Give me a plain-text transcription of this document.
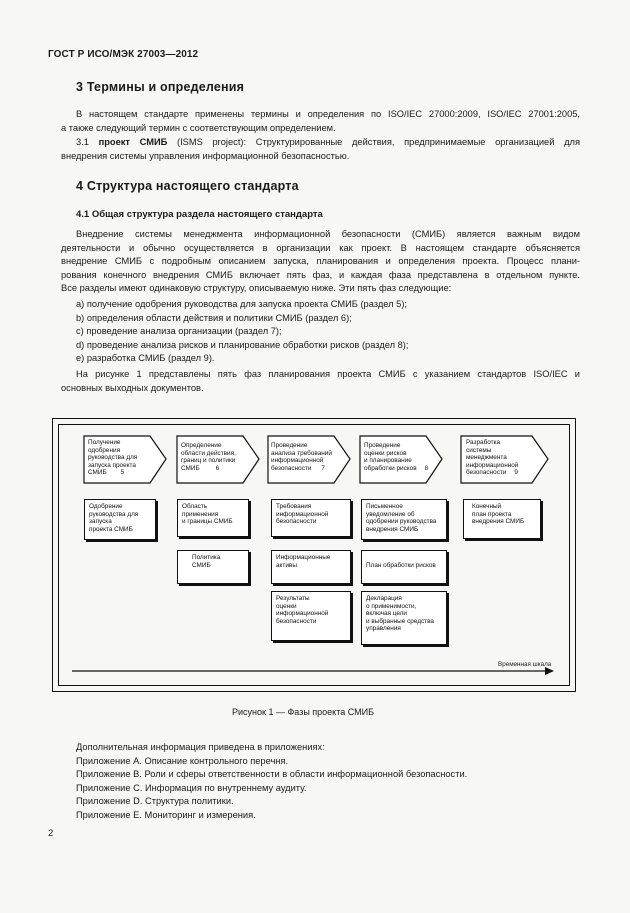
ГОСТ Р ИСО/МЭК 27003—2012
3 Термины и определения
В настоящем стандарте применены термины и определения по ISO/IEC 27000:2009, ISO/IEC 27001:2005,
а также следующий термин с соответствующим определением.
3.1 проект СМИБ (ISMS project): Структурированные действия, предпринимаемые организацией для
внедрения системы управления информационной безопасностью.
4 Структура настоящего стандарта
4.1 Общая структура раздела настоящего стандарта
Внедрение системы менеджмента информационной безопасности (СМИБ) является важным видом
деятельности и обычно осуществляется в организации как проект. В настоящем стандарте объясняется
внедрение СМИБ с подробным описанием запуска, планирования и определения проекта. Процесс плани-
рования конечного внедрения СМИБ включает пять фаз, и каждая фаза представлена в отдельном пункте.
Все разделы имеют одинаковую структуру, описываемую ниже. Эти пять фаз следующие:
a) получение одобрения руководства для запуска проекта СМИБ (раздел 5);
b) определения области действия и политики СМИБ (раздел 6);
c) проведение анализа организации (раздел 7);
d) проведение анализа рисков и планирование обработки рисков (раздел 8);
e) разработка СМИБ (раздел 9).
На рисунке 1 представлены пять фаз планирования проекта СМИБ с указанием стандартов ISO/IEC и
основных выходных документов.
Получение
одобрения
руководства для
запуска проекта
СМИБ 5
Определение
области действия,
границ и политики
СМИБ	6
Проведение
анализа требований
информационной
безопасности 7
Проведение
оценки рисков
и планирование
обработки рисков 8
Разработка
системы
менеджмента
информационной
безопасности 9
Одобрение
руководства для
запуска
проекта СМИБ
Область
применения
и границы СМИБ
Политика
СМИБ
Требования
информационной
безопасности
Информационные
активы
Результаты
оценки
информационной
безопасности
Письменное
уведомление об
одобрении руководства
внедрения СМИБ
План обработки рисков
Декларация
о применимости,
включая цели
и выбранные средства
управления
Конечный
план проекта
внедрения СМИБ
Временная шкала
Рисунок 1 — Фазы проекта СМИБ
Дополнительная информация приведена в приложениях:
Приложение А. Описание контрольного перечня.
Приложение В. Роли и сферы ответственности в области информационной безопасности.
Приложение С. Информация по внутреннему аудиту.
Приложение D. Структура политики.
Приложение Е. Мониторинг и измерения.
2
